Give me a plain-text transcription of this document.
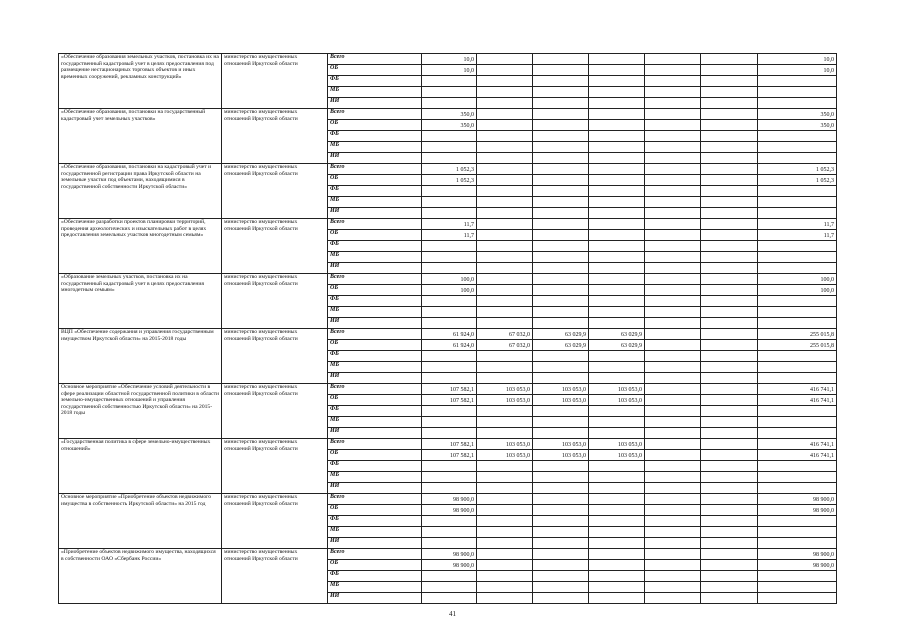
«Обеспечение образования земельных участков, постановка их на государственный кадастровый учет в целях предоставления под размещение нестационарных торговых объектов и иных временных сооружений, рекламных конструкций»	министерство имущественных отношений Иркутской области	Всего	10,0						10,0
		ОБ	10,0						10,0
		ФБ							
		МБ							
		ИИ							
«Обеспечение образования, постановки на государственный кадастровый учет земельных участков»	министерство имущественных отношений Иркутской области	Всего	350,0						350,0
		ОБ	350,0						350,0
		ФБ							
		МБ							
		ИИ							
«Обеспечение образования, постановки на кадастровый учет и государственной регистрации права Иркутской области на земельные участки под объектами, находящимися в государственной собственности Иркутской области»	министерство имущественных отношений Иркутской области	Всего	1 052,3						1 052,3
		ОБ	1 052,3						1 052,3
		ФБ							
		МБ							
		ИИ							
«Обеспечение разработки проектов планировки территорий, проведения археологических и изыскательных работ в целях предоставления земельных участков многодетным семьям»	министерство имущественных отношений Иркутской области	Всего	11,7						11,7
		ОБ	11,7						11,7
		ФБ							
		МБ							
		ИИ							
«Образование земельных участков, постановка их на государственный кадастровый учет в целях предоставления многодетным семьям»	министерство имущественных отношений Иркутской области	Всего	100,0						100,0
		ОБ	100,0						100,0
		ФБ							
		МБ							
		ИИ							
ВЦП «Обеспечение содержания и управления государственным имуществом Иркутской области» на 2015-2018 годы	министерство имущественных отношений Иркутской области	Всего	61 924,0	67 032,0	63 029,9	63 029,9			255 015,8
		ОБ	61 924,0	67 032,0	63 029,9	63 029,9			255 015,8
		ФБ							
		МБ							
		ИИ							
Основное мероприятие «Обеспечение условий деятельности в сфере реализации областной государственной политики в области земельно-имущественных отношений и управления государственной собственностью Иркутской области» на 2015-2018 годы	министерство имущественных отношений Иркутской области	Всего	107 582,1	103 053,0	103 053,0	103 053,0			416 741,1
		ОБ	107 582,1	103 053,0	103 053,0	103 053,0			416 741,1
		ФБ							
		МБ							
		ИИ							
«Государственная политика в сфере земельно-имущественных отношений»	министерство имущественных отношений Иркутской области	Всего	107 582,1	103 053,0	103 053,0	103 053,0			416 741,1
		ОБ	107 582,1	103 053,0	103 053,0	103 053,0			416 741,1
		ФБ							
		МБ							
		ИИ							
Основное мероприятие «Приобретение объектов недвижимого имущества в собственность Иркутской области» на 2015 год	министерство имущественных отношений Иркутской области	Всего	98 900,0						98 900,0
		ОБ	98 900,0						98 900,0
		ФБ							
		МБ							
		ИИ							
«Приобретение объектов недвижимого имущества, находящихся в собственности ОАО «Сбербанк России»	министерство имущественных отношений Иркутской области	Всего	98 900,0						98 900,0
		ОБ	98 900,0						98 900,0
		ФБ							
		МБ							
		ИИ							
41
